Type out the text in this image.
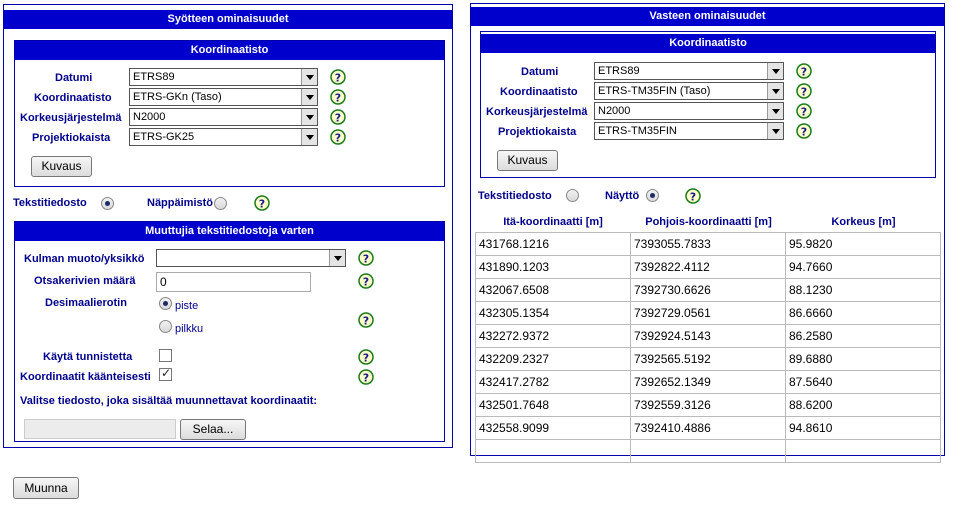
Syötteen ominaisuudet
Koordinaatisto
Datumi	ETRS89
Koordinaatisto	ETRS-GKn (Taso)
Korkeusjärjestelmä	N2000
Projektiokaista	ETRS-GK25
Kuvaus
Tekstitiedosto	Näppäimistö
Muuttujia tekstitiedostoja varten
Kulman muoto/yksikkö
Otsakerivien määrä	0
Desimaalierotin	piste
pilkku
Käytä tunnistetta
Koordinaatit käänteisesti
✓
Valitse tiedosto, joka sisältää muunnettavat koordinaatit:
Selaa...
Vasteen ominaisuudet
Koordinaatisto
Datumi	ETRS89
Koordinaatisto	ETRS-TM35FIN (Taso)
Korkeusjärjestelmä N2000
Projektiokaista	ETRS-TM35FIN
Kuvaus
Tekstitiedosto	Näyttö
Itä-koordinaatti [m]	Pohjois-koordinaatti [m]	Korkeus [m]
431768.1216	7393055.7833	95.9820
431890.1203	7392822.4112	94.7660
432067.6508	7392730.6626	88.1230
432305.1354	7392729.0561	86.6660
432272.9372	7392924.5143	86.2580
432209.2327	7392565.5192	89.6880
432417.2782	7392652.1349	87.5640
432501.7648	7392559.3126	88.6200
432558.9099	7392410.4886	94.8610

Muunna
